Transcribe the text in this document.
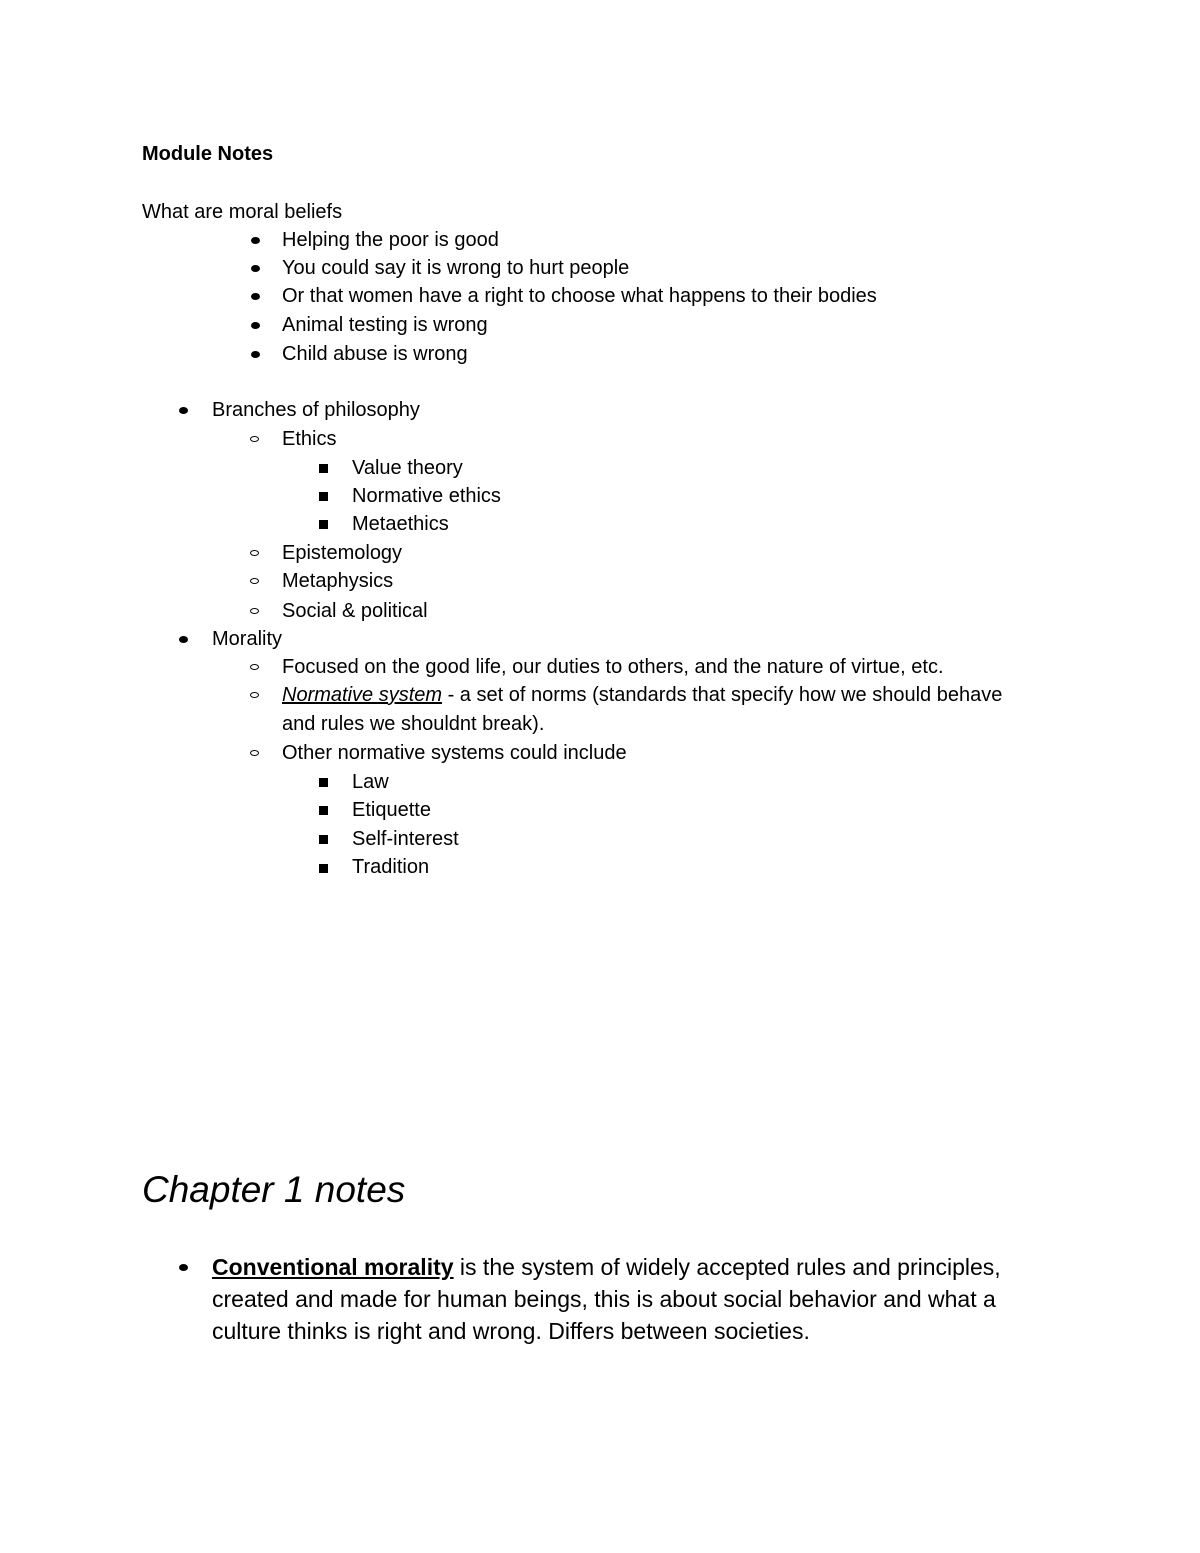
Module Notes
What are moral beliefs
Helping the poor is good
You could say it is wrong to hurt people
Or that women have a right to choose what happens to their bodies
Animal testing is wrong
Child abuse is wrong
Branches of philosophy
Ethics
Value theory
Normative ethics
Metaethics
Epistemology
Metaphysics
Social & political
Morality
Focused on the good life, our duties to others, and the nature of virtue, etc.
Normative system - a set of norms (standards that specify how we should behave
and rules we shouldnt break).
Other normative systems could include
Law
Etiquette
Self-interest
Tradition
Chapter 1 notes
Conventional morality is the system of widely accepted rules and principles,
created and made for human beings, this is about social behavior and what a
culture thinks is right and wrong. Differs between societies.
